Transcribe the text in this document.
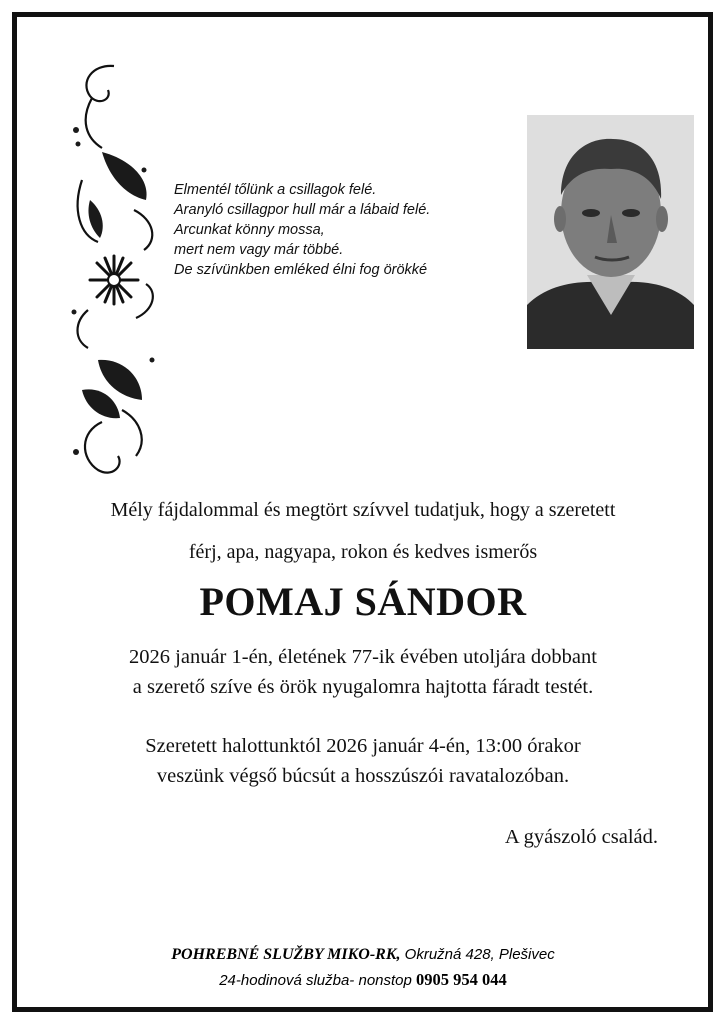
Elmentél tőlünk a csillagok felé.
Aranyló csillagpor hull már a lábaid felé.
Arcunkat könny mossa,
mert nem vagy már többé.
De szívünkben emléked élni fog örökké
Mély fájdalommal és megtört szívvel tudatjuk, hogy a szeretett
férj, apa, nagyapa, rokon és kedves ismerős
POMAJ SÁNDOR
2026 január 1-én, életének 77-ik évében utoljára dobbant
a szerető szíve és örök nyugalomra hajtotta fáradt testét.
Szeretett halottunktól 2026 január 4-én, 13:00 órakor
veszünk végső búcsút a hosszúszói ravatalozóban.
A gyászoló család.
POHREBNÉ SLUŽBY MIKO-RK, Okružná 428, Plešivec
24-hodinová služba- nonstop 0905 954 044
